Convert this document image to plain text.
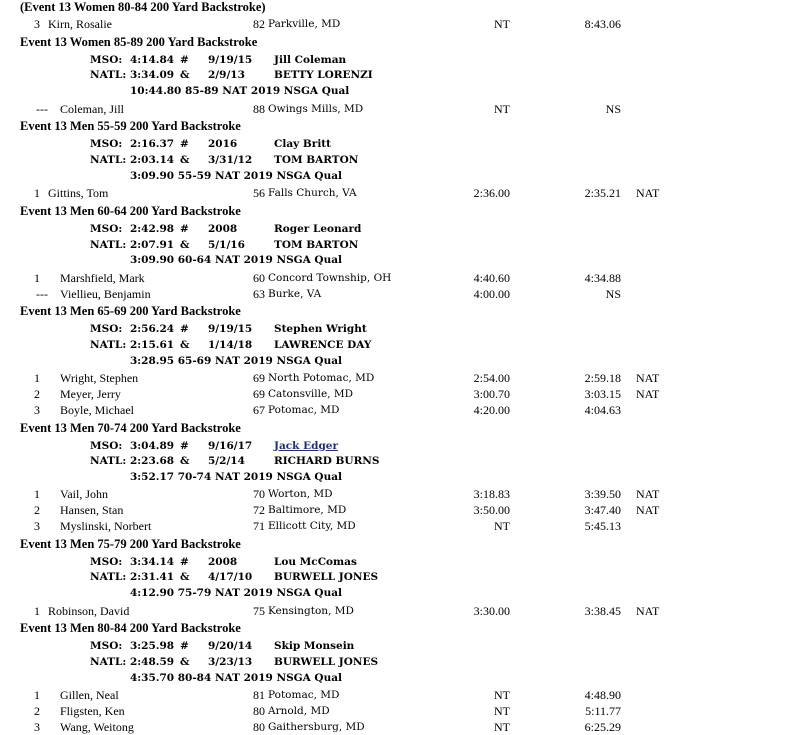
(Event 13 Women 80-84 200 Yard Backstroke)
3 Kirn, Rosalie	82 Parkville, MD	NT	8:43.06
Event 13 Women 85-89 200 Yard Backstroke
MSO: 4:14.84 # 9/19/15 Jill Coleman
NATL: 3:34.09 & 2/9/13	BETTY LORENZI
10:44.80 85-89 NAT 2019 NSGA Qual
--- Coleman, Jill	88 Owings Mills, MD	NT	NS
Event 13 Men 55-59 200 Yard Backstroke
MSO: 2:16.37 # 2016	Clay Britt
NATL: 2:03.14 & 3/31/12 TOM BARTON
3:09.90 55-59 NAT 2019 NSGA Qual
1 Gittins, Tom	56 Falls Church, VA	2:36.00	2:35.21 NAT
Event 13 Men 60-64 200 Yard Backstroke
MSO: 2:42.98 # 2008	Roger Leonard
NATL: 2:07.91 & 5/1/16	TOM BARTON
3:09.90 60-64 NAT 2019 NSGA Qual
1 Marshfield, Mark	60 Concord Township, OH	4:40.60	4:34.88
--- Viellieu, Benjamin	63 Burke, VA	4:00.00	NS
Event 13 Men 65-69 200 Yard Backstroke
MSO: 2:56.24 # 9/19/15 Stephen Wright
NATL: 2:15.61 & 1/14/18 LAWRENCE DAY
3:28.95 65-69 NAT 2019 NSGA Qual
1 Wright, Stephen	69 North Potomac, MD	2:54.00	2:59.18 NAT
2 Meyer, Jerry	69 Catonsville, MD	3:00.70	3:03.15 NAT
3 Boyle, Michael	67 Potomac, MD	4:20.00	4:04.63
Event 13 Men 70-74 200 Yard Backstroke
MSO: 3:04.89 # 9/16/17 Jack Edger
NATL: 2:23.68 & 5/2/14	RICHARD BURNS
3:52.17 70-74 NAT 2019 NSGA Qual
1 Vail, John	70 Worton, MD	3:18.83	3:39.50 NAT
2 Hansen, Stan	72 Baltimore, MD	3:50.00	3:47.40 NAT
3 Myslinski, Norbert	71 Ellicott City, MD	NT	5:45.13
Event 13 Men 75-79 200 Yard Backstroke
MSO: 3:34.14 # 2008	Lou McComas
NATL: 2:31.41 & 4/17/10 BURWELL JONES
4:12.90 75-79 NAT 2019 NSGA Qual
1 Robinson, David	75 Kensington, MD	3:30.00	3:38.45 NAT
Event 13 Men 80-84 200 Yard Backstroke
MSO: 3:25.98 # 9/20/14 Skip Monsein
NATL: 2:48.59 & 3/23/13 BURWELL JONES
4:35.70 80-84 NAT 2019 NSGA Qual
1 Gillen, Neal	81 Potomac, MD	NT	4:48.90
2 Fligsten, Ken	80 Arnold, MD	NT	5:11.77
3 Wang, Weitong	80 Gaithersburg, MD	NT	6:25.29
